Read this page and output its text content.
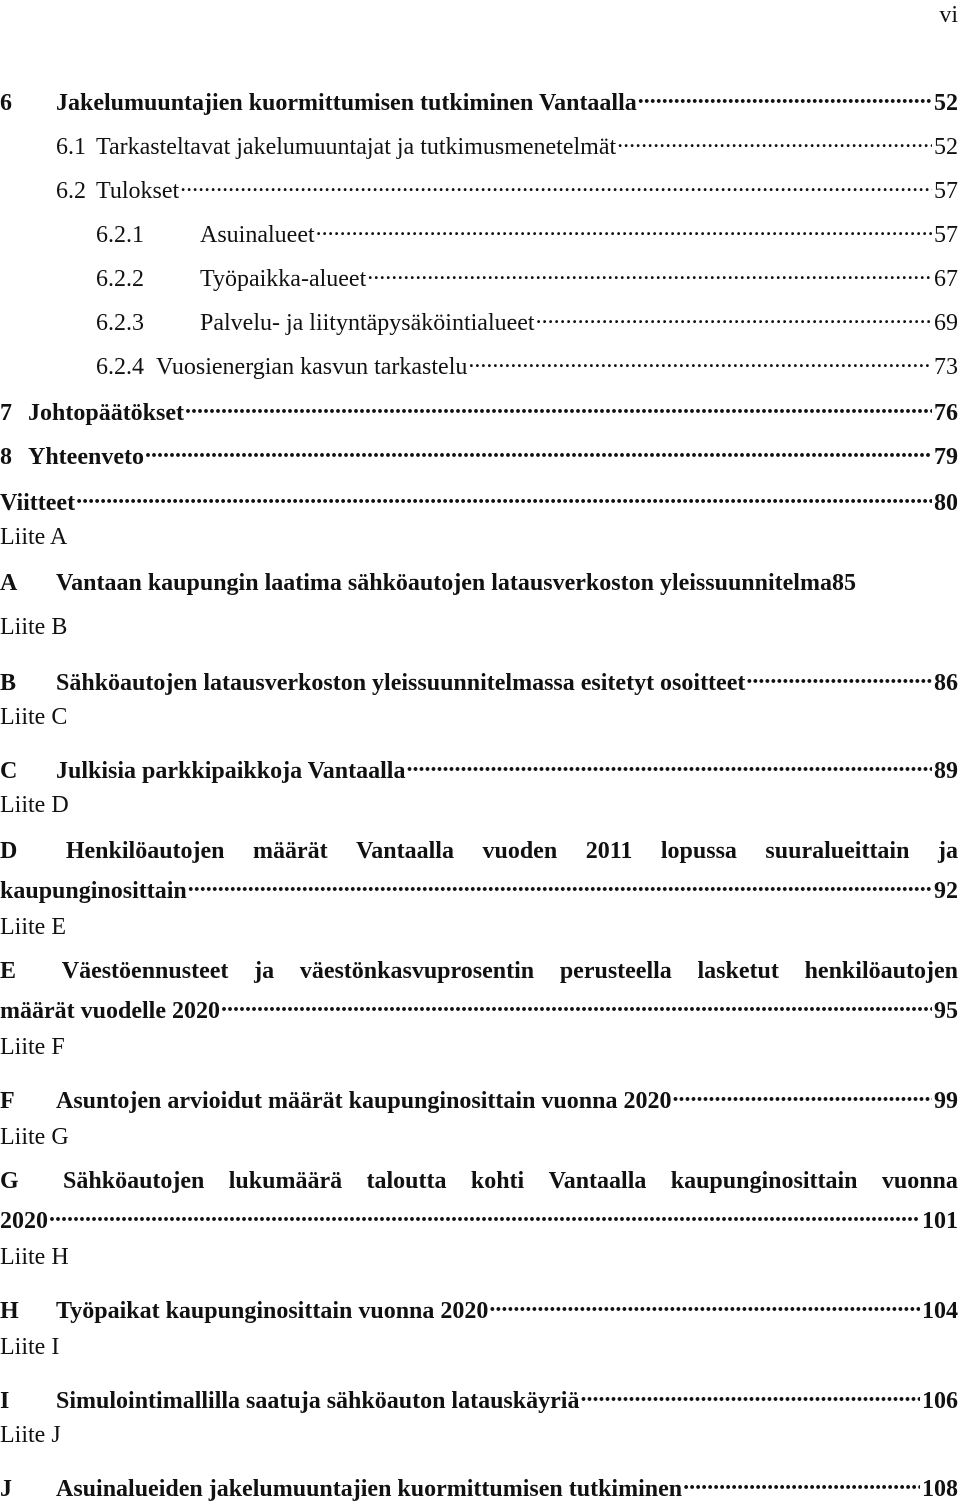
vi
6	Jakelumuuntajien kuormittumisen tutkiminen Vantaalla .....	52
6.1 Tarkasteltavat jakelumuuntajat ja tutkimusmenetelmät .....	52
6.2 Tulokset .....	57
6.2.1	Asuinalueet .....	57
6.2.2	Työpaikka-alueet .....	67
6.2.3	Palvelu- ja liityntäpysäköintialueet .....	69
6.2.4 Vuosienergian kasvun tarkastelu .....	73
7 Johtopäätökset .....	76
8 Yhteenveto .....	79
Viitteet .....	80
Liite A
A	Vantaan kaupungin laatima sähköautojen latausverkoston yleissuunnitelma 85
Liite B
B	Sähköautojen latausverkoston yleissuunnitelmassa esitetyt osoitteet .....	86
Liite C
C	Julkisia parkkipaikkoja Vantaalla .....	89
Liite D
D Henkilöautojen määrät Vantaalla vuoden 2011 lopussa suuralueittain ja
kaupunginosittain .....	92
Liite E
E Väestöennusteet ja väestönkasvuprosentin perusteella lasketut henkilöautojen
määrät vuodelle 2020 .....	95
Liite F
F	Asuntojen arvioidut määrät kaupunginosittain vuonna 2020 .....	99
Liite G
G Sähköautojen lukumäärä taloutta kohti Vantaalla kaupunginosittain vuonna
2020 .....	101
Liite H
H	Työpaikat kaupunginosittain vuonna 2020 .....	104
Liite I
I	Simulointimallilla saatuja sähköauton latauskäyriä .....	106
Liite J
J	Asuinalueiden jakelumuuntajien kuormittumisen tutkiminen .....	108
